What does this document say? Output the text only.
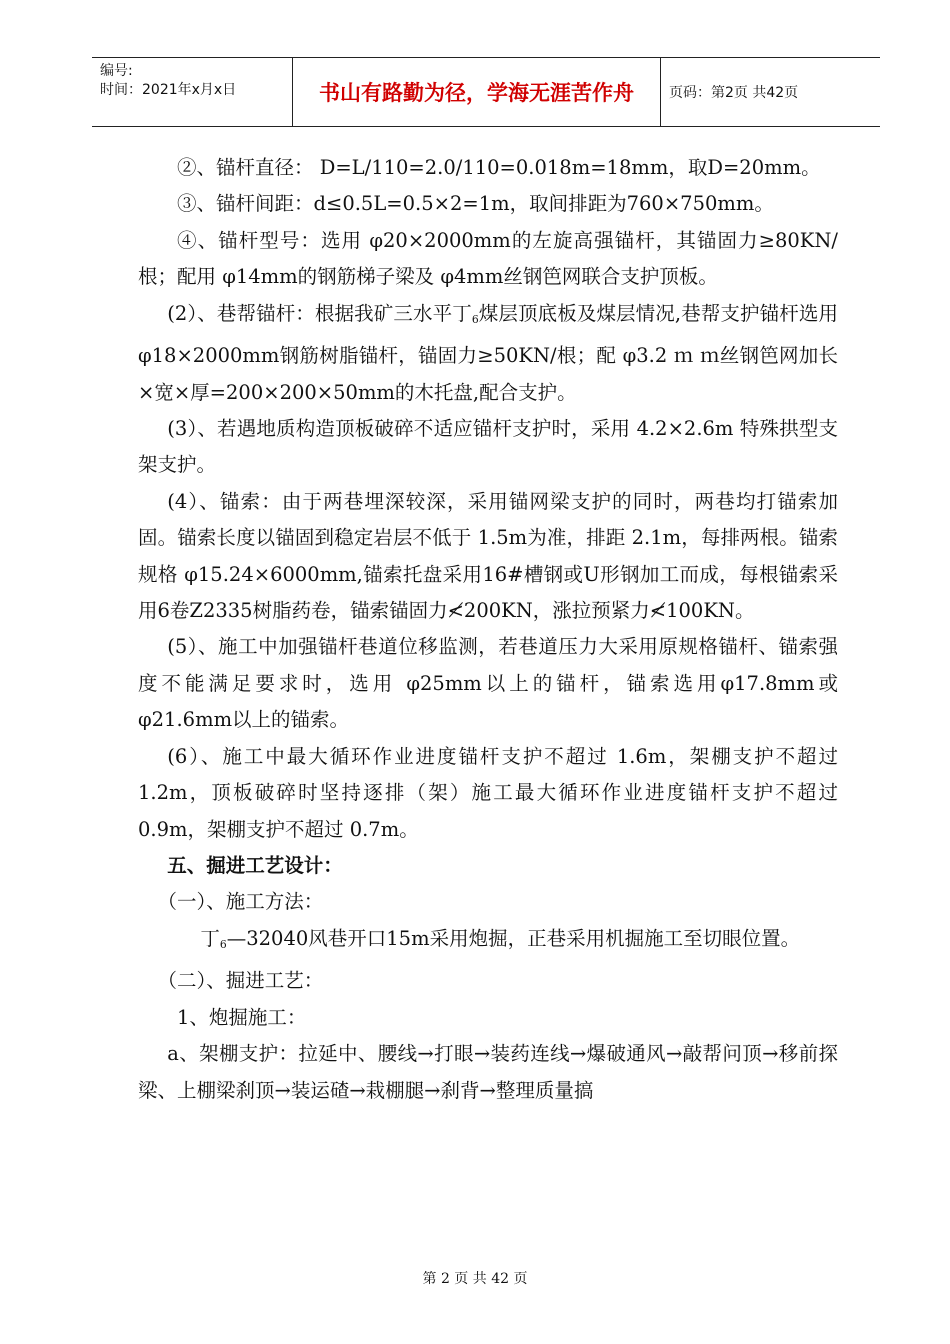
编号:
时间：2021年x月x日	书山有路勤为径，学海无涯苦作舟	页码：第2页 共42页

②、锚杆直径： D=L/110=2.0/110=0.018m=18mm，取D=20mm。

③、锚杆间距：d≤0.5L=0.5×2=1m，取间排距为760×750mm。

④、锚杆型号：选用 φ20×2000mm的左旋高强锚杆，其锚固力≥80KN/根；配用 φ14mm的钢筋梯子梁及 φ4mm丝钢笆网联合支护顶板。

(2）、巷帮锚杆：根据我矿三水平丁$_6$煤层顶底板及煤层情况,巷帮支护锚杆选用 φ18×2000mm钢筋树脂锚杆，锚固力≥50KN/根；配 φ3.2 ｍ ｍ丝钢笆网加长×宽×厚=200×200×50mm的木托盘,配合支护。

(3）、若遇地质构造顶板破碎不适应锚杆支护时，采用 4.2×2.6m 特殊拱型支架支护。

(4）、锚索：由于两巷埋深较深，采用锚网梁支护的同时，两巷均打锚索加固。锚索长度以锚固到稳定岩层不低于 1.5m为准，排距 2.1m，每排两根。锚索规格 φ15.24×6000mm,锚索托盘采用16#槽钢或U形钢加工而成，每根锚索采用6卷Z2335树脂药卷，锚索锚固力≮200KN，涨拉预紧力≮100KN。

(5）、施工中加强锚杆巷道位移监测，若巷道压力大采用原规格锚杆、锚索强度不能满足要求时，选用 φ25mm以上的锚杆，锚索选用φ17.8mm或 φ21.6mm以上的锚索。

(6）、施工中最大循环作业进度锚杆支护不超过 1.6m，架棚支护不超过 1.2m，顶板破碎时坚持逐排（架）施工最大循环作业进度锚杆支护不超过 0.9m，架棚支护不超过 0.7m。

五、掘进工艺设计：

（一）、施工方法：

丁$_6$—32040风巷开口15m采用炮掘，正巷采用机掘施工至切眼位置。

（二）、掘进工艺：

1、炮掘施工：

a、架棚支护：拉延中、腰线→打眼→装药连线→爆破通风→敲帮问顶→移前探梁、上棚梁刹顶→装运碴→栽棚腿→刹背→整理质量搞

第 2 页 共 42 页
